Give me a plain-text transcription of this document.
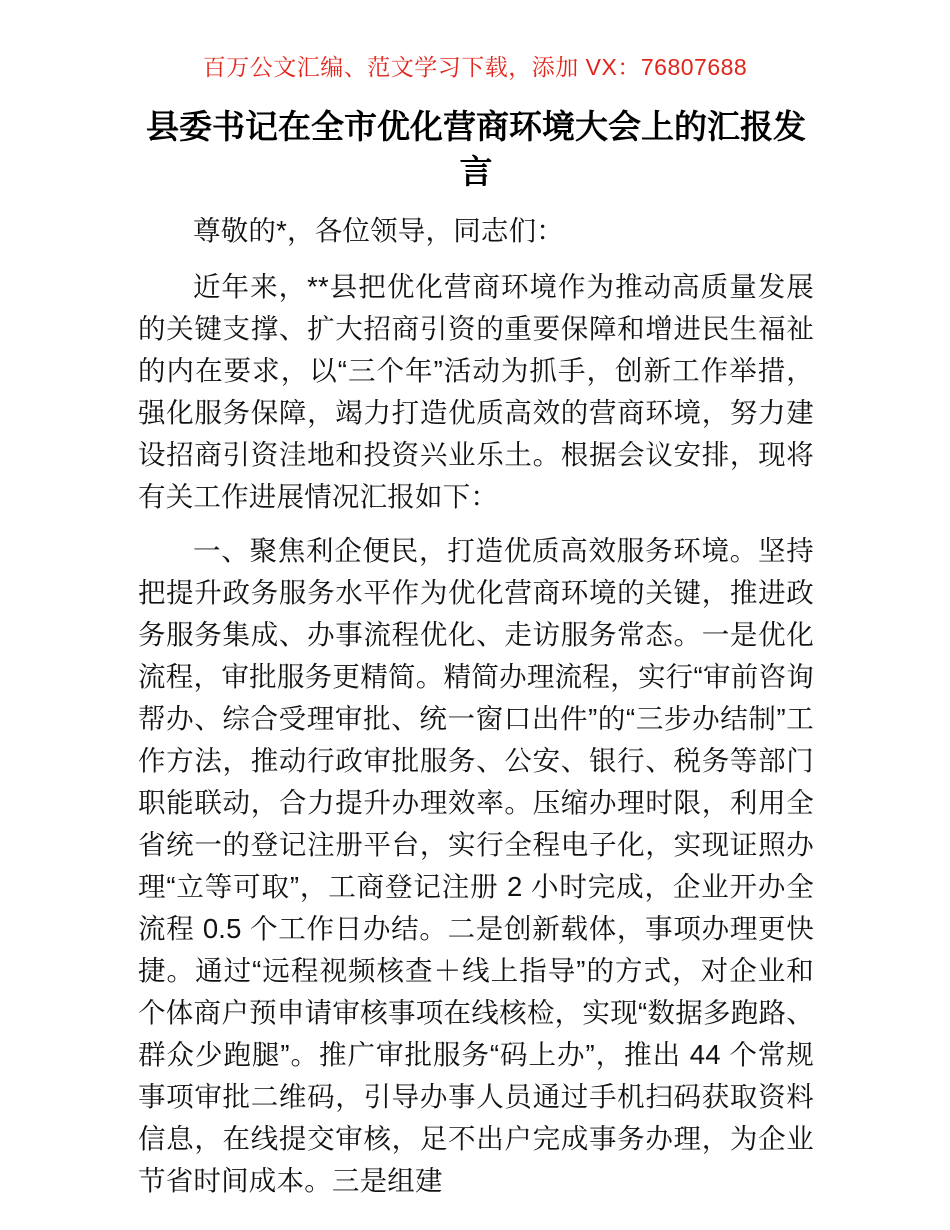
百万公文汇编、范文学习下载，添加 VX：76807688
县委书记在全市优化营商环境大会上的汇报发言

尊敬的*，各位领导，同志们：

近年来，**县把优化营商环境作为推动高质量发展的关键支撑、扩大招商引资的重要保障和增进民生福祉的内在要求，以“三个年”活动为抓手，创新工作举措，强化服务保障，竭力打造优质高效的营商环境，努力建设招商引资洼地和投资兴业乐土。根据会议安排，现将有关工作进展情况汇报如下：

一、聚焦利企便民，打造优质高效服务环境。坚持把提升政务服务水平作为优化营商环境的关键，推进政务服务集成、办事流程优化、走访服务常态。一是优化流程，审批服务更精简。精简办理流程，实行“审前咨询帮办、综合受理审批、统一窗口出件”的“三步办结制”工作方法，推动行政审批服务、公安、银行、税务等部门职能联动，合力提升办理效率。压缩办理时限，利用全省统一的登记注册平台，实行全程电子化，实现证照办理“立等可取”，工商登记注册 2 小时完成，企业开办全流程 0.5 个工作日办结。二是创新载体，事项办理更快捷。通过“远程视频核查＋线上指导”的方式，对企业和个体商户预申请审核事项在线核检，实现“数据多跑路、群众少跑腿”。推广审批服务“码上办”，推出 44 个常规事项审批二维码，引导办事人员通过手机扫码获取资料信息，在线提交审核，足不出户完成事务办理，为企业节省时间成本。三是组建
